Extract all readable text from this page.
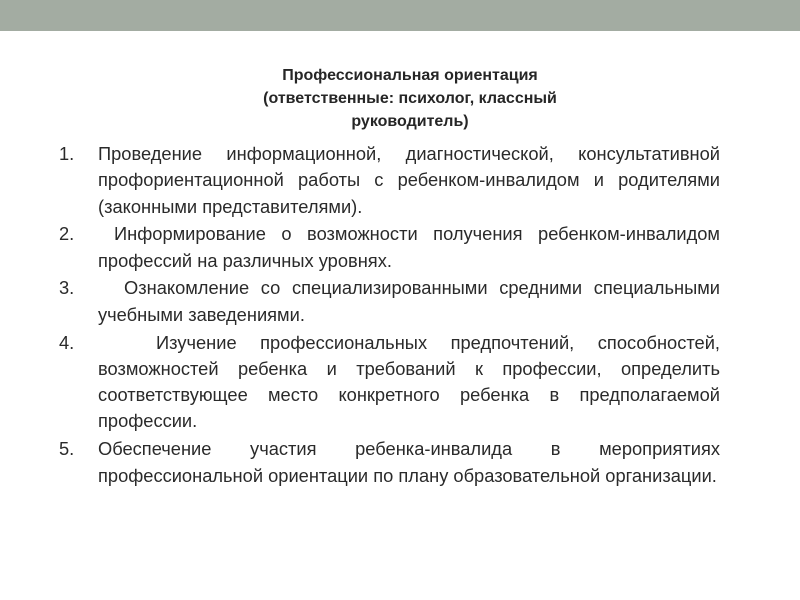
Профессиональная ориентация
(ответственные: психолог, классный
руководитель)
1. Проведение информационной, диагностической, консультативной профориентационной работы с ребенком-инвалидом и родителями (законными представителями).
2.	Информирование о возможности получения ребенком-инвалидом профессий на различных уровнях.
3.	Ознакомление со специализированными средними специальными учебными заведениями.
4.	Изучение профессиональных предпочтений, способностей, возможностей ребенка и требований к профессии, определить соответствующее место конкретного ребенка в предполагаемой профессии.
5. Обеспечение участия ребенка-инвалида в мероприятиях профессиональной ориентации по плану образовательной организации.
